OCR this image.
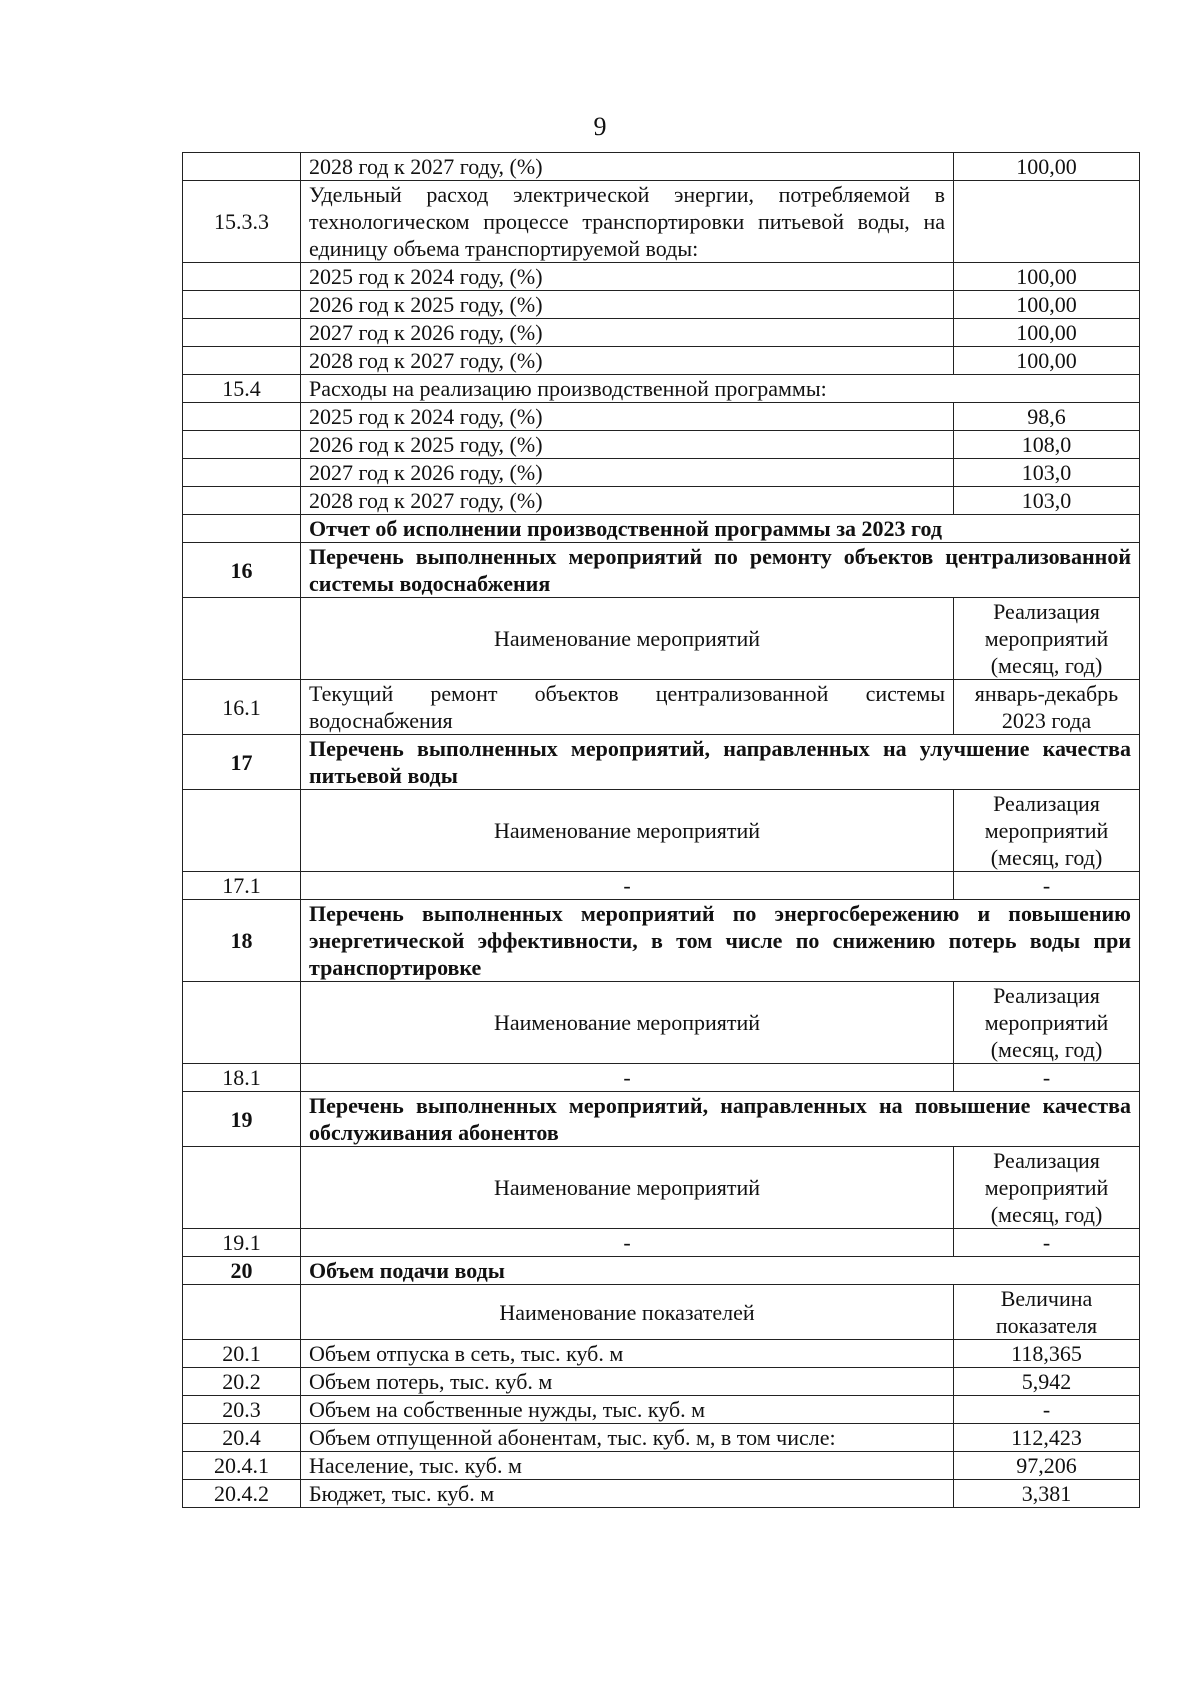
9
	2028 год к 2027 году, (%)	100,00
15.3.3	Удельный расход электрической энергии, потребляемой в технологическом процессе транспортировки питьевой воды, на единицу объема транспортируемой воды:	
	2025 год к 2024 году, (%)	100,00
	2026 год к 2025 году, (%)	100,00
	2027 год к 2026 году, (%)	100,00
	2028 год к 2027 году, (%)	100,00
15.4	Расходы на реализацию производственной программы:	
	2025 год к 2024 году, (%)	98,6
	2026 год к 2025 году, (%)	108,0
	2027 год к 2026 году, (%)	103,0
	2028 год к 2027 году, (%)	103,0
	Отчет об исполнении производственной программы за 2023 год	
16	Перечень выполненных мероприятий по ремонту объектов централизованной системы водоснабжения	
	Наименование мероприятий	Реализация мероприятий (месяц, год)
16.1	Текущий ремонт объектов централизованной системы водоснабжения	январь-декабрь 2023 года
17	Перечень выполненных мероприятий, направленных на улучшение качества питьевой воды	
	Наименование мероприятий	Реализация мероприятий (месяц, год)
17.1	-	-
18	Перечень выполненных мероприятий по энергосбережению и повышению энергетической эффективности, в том числе по снижению потерь воды при транспортировке	
	Наименование мероприятий	Реализация мероприятий (месяц, год)
18.1	-	-
19	Перечень выполненных мероприятий, направленных на повышение качества обслуживания абонентов	
	Наименование мероприятий	Реализация мероприятий (месяц, год)
19.1	-	-
20	Объем подачи воды	
	Наименование показателей	Величина показателя
20.1	Объем отпуска в сеть, тыс. куб. м	118,365
20.2	Объем потерь, тыс. куб. м	5,942
20.3	Объем на собственные нужды, тыс. куб. м	-
20.4	Объем отпущенной абонентам, тыс. куб. м, в том числе:	112,423
20.4.1	Население, тыс. куб. м	97,206
20.4.2	Бюджет, тыс. куб. м	3,381
